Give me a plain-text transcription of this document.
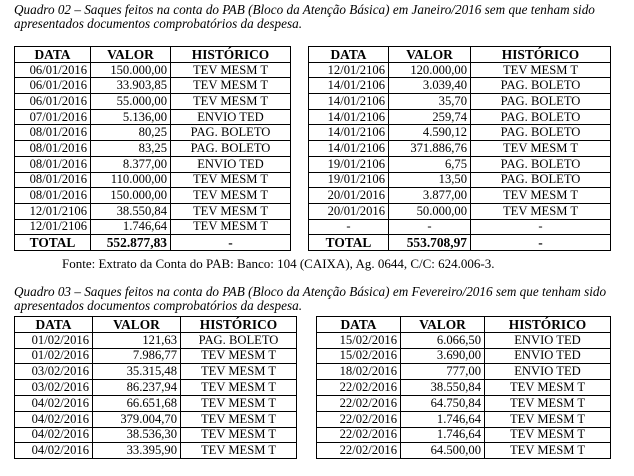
Quadro 02 – Saques feitos na conta do PAB (Bloco da Atenção Básica) em Janeiro/2016 sem que tenham sido apresentados documentos comprobatórios da despesa.

DATA	VALOR	HISTÓRICO		DATA	VALOR	HISTÓRICO
06/01/2016	150.000,00	TEV MESM T		12/01/2106	120.000,00	TEV MESM T
06/01/2016	33.903,85	TEV MESM T		14/01/2106	3.039,40	PAG. BOLETO
06/01/2016	55.000,00	TEV MESM T		14/01/2106	35,70	PAG. BOLETO
07/01/2016	5.136,00	ENVIO TED		14/01/2106	259,74	PAG. BOLETO
08/01/2016	80,25	PAG. BOLETO		14/01/2106	4.590,12	PAG. BOLETO
08/01/2016	83,25	PAG. BOLETO		14/01/2106	371.886,76	TEV MESM T
08/01/2016	8.377,00	ENVIO TED		19/01/2106	6,75	PAG. BOLETO
08/01/2016	110.000,00	TEV MESM T		19/01/2106	13,50	PAG. BOLETO
08/01/2016	150.000,00	TEV MESM T		20/01/2016	3.877,00	TEV MESM T
12/01/2106	38.550,84	TEV MESM T		20/01/2016	50.000,00	TEV MESM T
12/01/2106	1.746,64	TEV MESM T		-	-	-
TOTAL	552.877,83	-		TOTAL	553.708,97	-

Fonte: Extrato da Conta do PAB: Banco: 104 (CAIXA), Ag. 0644, C/C: 624.006-3.

Quadro 03 – Saques feitos na conta do PAB (Bloco da Atenção Básica) em Fevereiro/2016 sem que tenham sido apresentados documentos comprobatórios da despesa.

DATA	VALOR	HISTÓRICO		DATA	VALOR	HISTÓRICO
01/02/2016	121,63	PAG. BOLETO		15/02/2016	6.066,50	ENVIO TED
01/02/2016	7.986,77	TEV MESM T		15/02/2016	3.690,00	ENVIO TED
03/02/2016	35.315,48	TEV MESM T		18/02/2016	777,00	ENVIO TED
03/02/2016	86.237,94	TEV MESM T		22/02/2016	38.550,84	TEV MESM T
04/02/2016	66.651,68	TEV MESM T		22/02/2016	64.750,84	TEV MESM T
04/02/2016	379.004,70	TEV MESM T		22/02/2016	1.746,64	TEV MESM T
04/02/2016	38.536,30	TEV MESM T		22/02/2016	1.746,64	TEV MESM T
04/02/2016	33.395,90	TEV MESM T		22/02/2016	64.500,00	TEV MESM T
